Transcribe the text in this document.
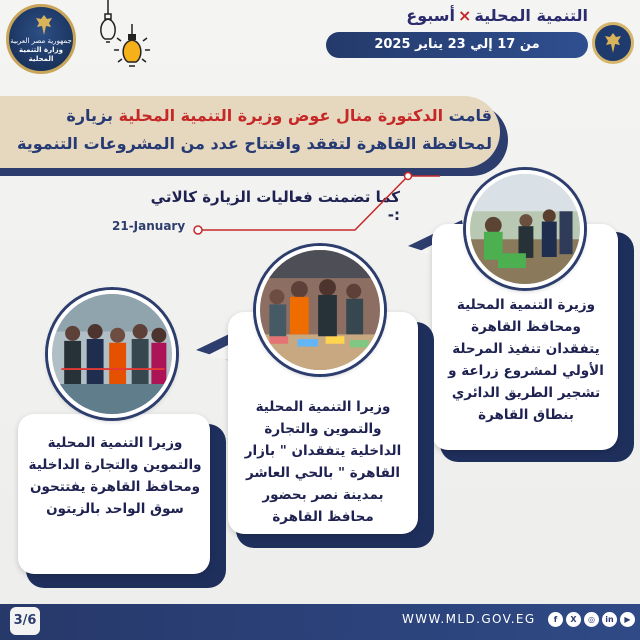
جمهورية مصر العربية
وزارة التنمية المحلية
التنمية المحلية×أسبوع
من 17 إلي 23 يناير 2025
قامت الدكتورة منال عوض وزيرة التنمية المحلية بزيارة
لمحافظة القاهرة لتفقد وافتتاح عدد من المشروعات التنموية
كما تضمنت فعاليات الزيارة كالاتي :-
21-January
وزيرة التنمية المحلية ومحافظ القاهرة يتفقدان تنفيذ المرحلة الأولي لمشروع زراعة و تشجير الطريق الدائري بنطاق القاهرة
وزيرا التنمية المحلية والتموين والتجارة الداخلية يتفقدان " بازار القاهرة " بالحي العاشر بمدينة نصر بحضور محافظ القاهرة
وزيرا التنمية المحلية والتموين والتجارة الداخلية ومحافظ القاهرة يفتتحون سوق الواحد بالزيتون
3/6	WWW.MLD.GOV.EG	f	X	◎	in	▶
